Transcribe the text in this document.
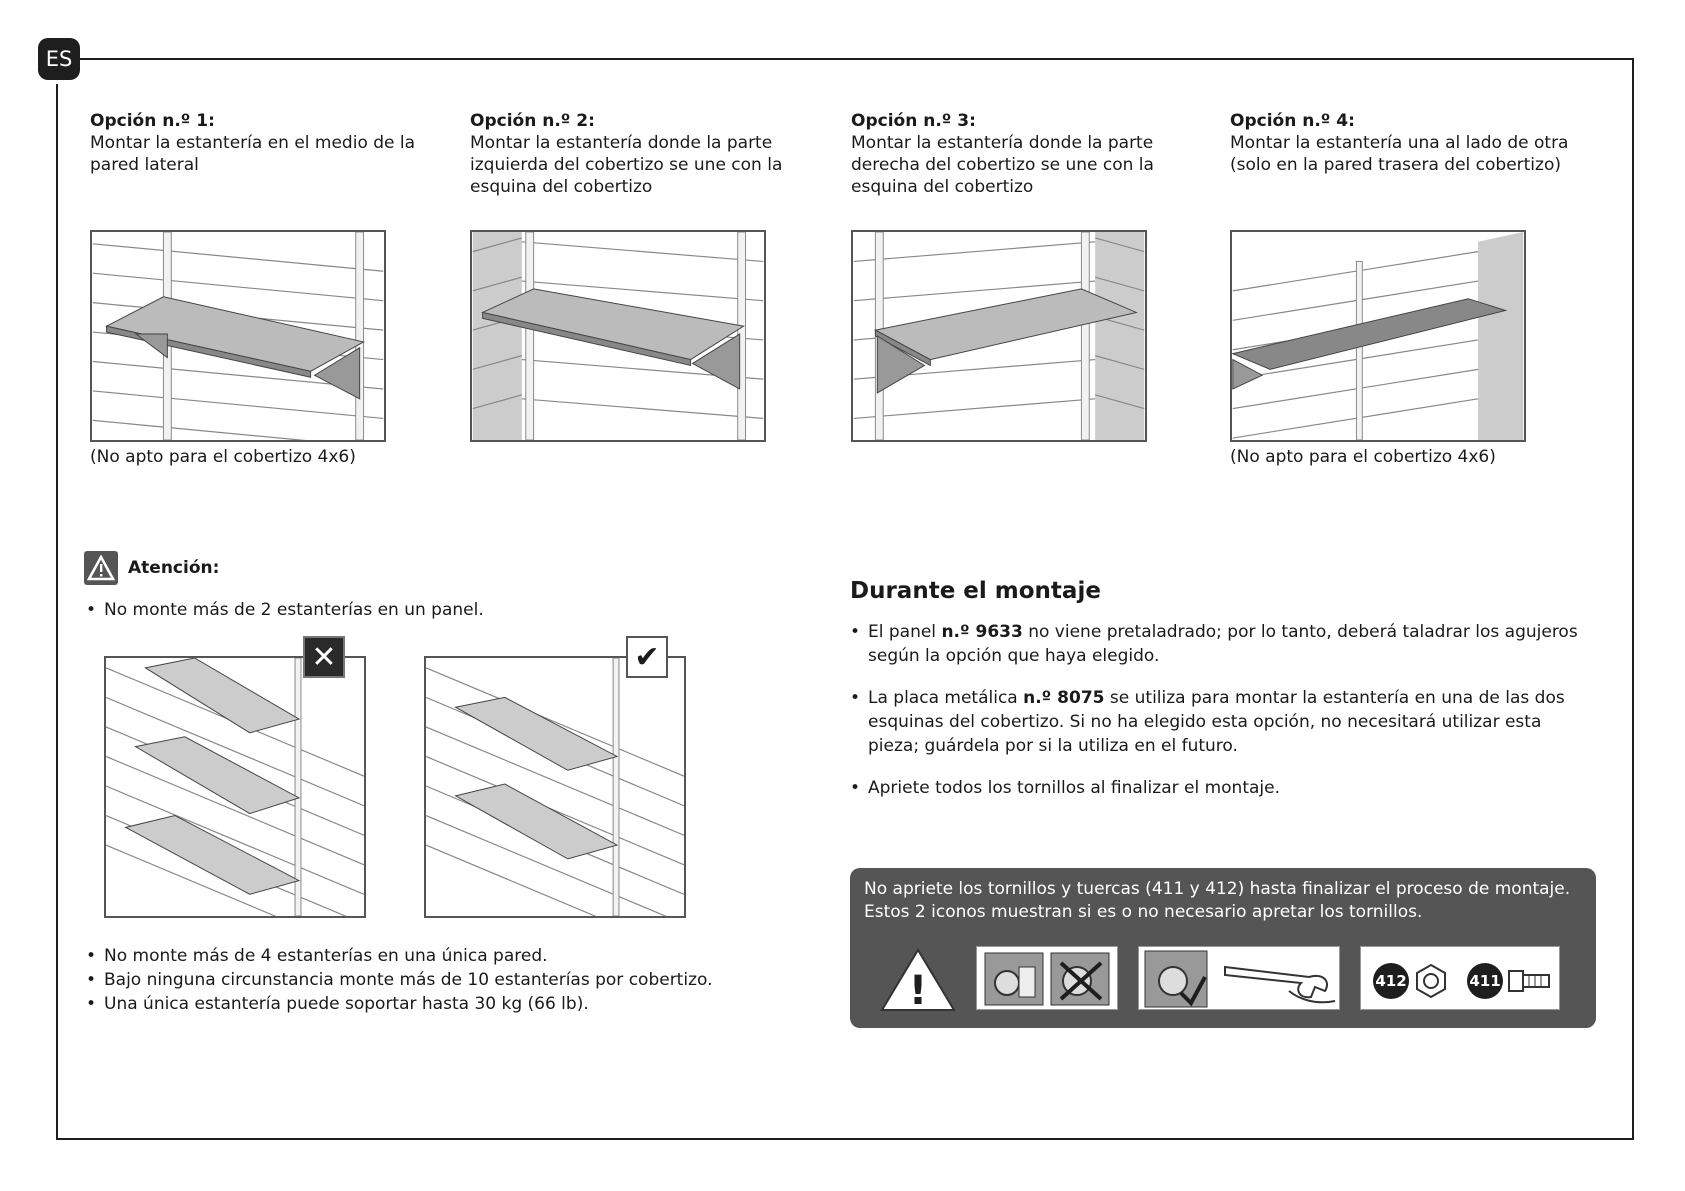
ES
Opción n.º 1:
Montar la estantería en el medio de la pared lateral
(No apto para el cobertizo 4x6)
Opción n.º 2:
Montar la estantería donde la parte izquierda del cobertizo se une con la esquina del cobertizo
Opción n.º 3:
Montar la estantería donde la parte derecha del cobertizo se une con la esquina del cobertizo
Opción n.º 4:
Montar la estantería una al lado de otra (solo en la pared trasera del cobertizo)
(No apto para el cobertizo 4x6)
Atención:
• No monte más de 2 estanterías en un panel.
✕	✔
• No monte más de 4 estanterías en una única pared.
• Bajo ninguna circunstancia monte más de 10 estanterías por cobertizo.
• Una única estantería puede soportar hasta 30 kg (66 lb).
Durante el montaje
• El panel n.º 9633 no viene pretaladrado; por lo tanto, deberá taladrar los agujeros según la opción que haya elegido.
• La placa metálica n.º 8075 se utiliza para montar la estantería en una de las dos esquinas del cobertizo. Si no ha elegido esta opción, no necesitará utilizar esta pieza; guárdela por si la utiliza en el futuro.
• Apriete todos los tornillos al finalizar el montaje.
No apriete los tornillos y tuercas (411 y 412) hasta finalizar el proceso de montaje. Estos 2 iconos muestran si es o no necesario apretar los tornillos.
!	412	411
